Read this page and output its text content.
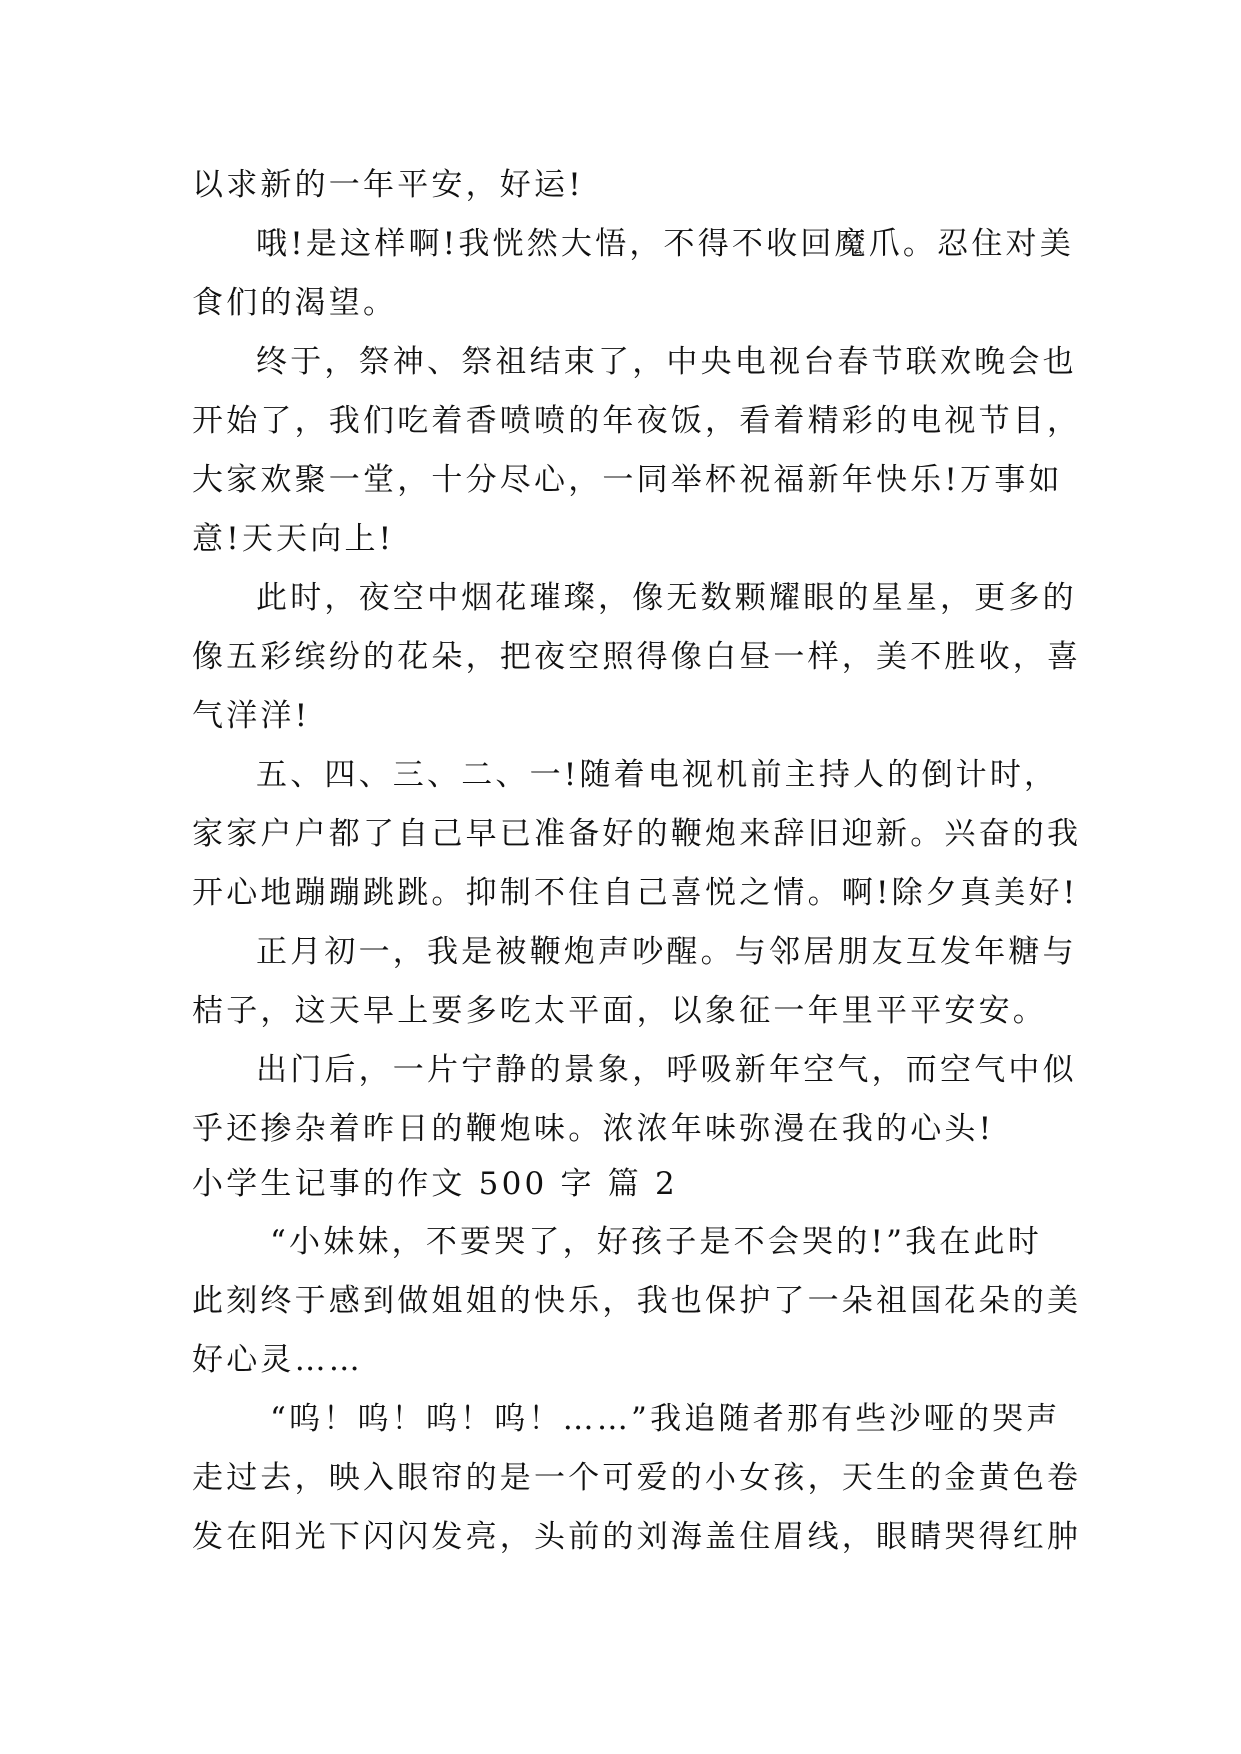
以求新的一年平安，好运!
哦!是这样啊!我恍然大悟，不得不收回魔爪。忍住对美
食们的渴望。
终于，祭神、祭祖结束了，中央电视台春节联欢晚会也
开始了，我们吃着香喷喷的年夜饭，看着精彩的电视节目，
大家欢聚一堂，十分尽心，一同举杯祝福新年快乐!万事如
意!天天向上!
此时，夜空中烟花璀璨，像无数颗耀眼的星星，更多的
像五彩缤纷的花朵，把夜空照得像白昼一样，美不胜收，喜
气洋洋!
五、四、三、二、一!随着电视机前主持人的倒计时，
家家户户都了自己早已准备好的鞭炮来辞旧迎新。兴奋的我
开心地蹦蹦跳跳。抑制不住自己喜悦之情。啊!除夕真美好!
正月初一，我是被鞭炮声吵醒。与邻居朋友互发年糖与
桔子，这天早上要多吃太平面，以象征一年里平平安安。
出门后，一片宁静的景象，呼吸新年空气，而空气中似
乎还掺杂着昨日的鞭炮味。浓浓年味弥漫在我的心头!
小学生记事的作文 500 字 篇 2
“小妹妹，不要哭了，好孩子是不会哭的!”我在此时
此刻终于感到做姐姐的快乐，我也保护了一朵祖国花朵的美
好心灵……
“呜！呜！呜！呜！……”我追随者那有些沙哑的哭声
走过去，映入眼帘的是一个可爱的小女孩，天生的金黄色卷
发在阳光下闪闪发亮，头前的刘海盖住眉线，眼睛哭得红肿
